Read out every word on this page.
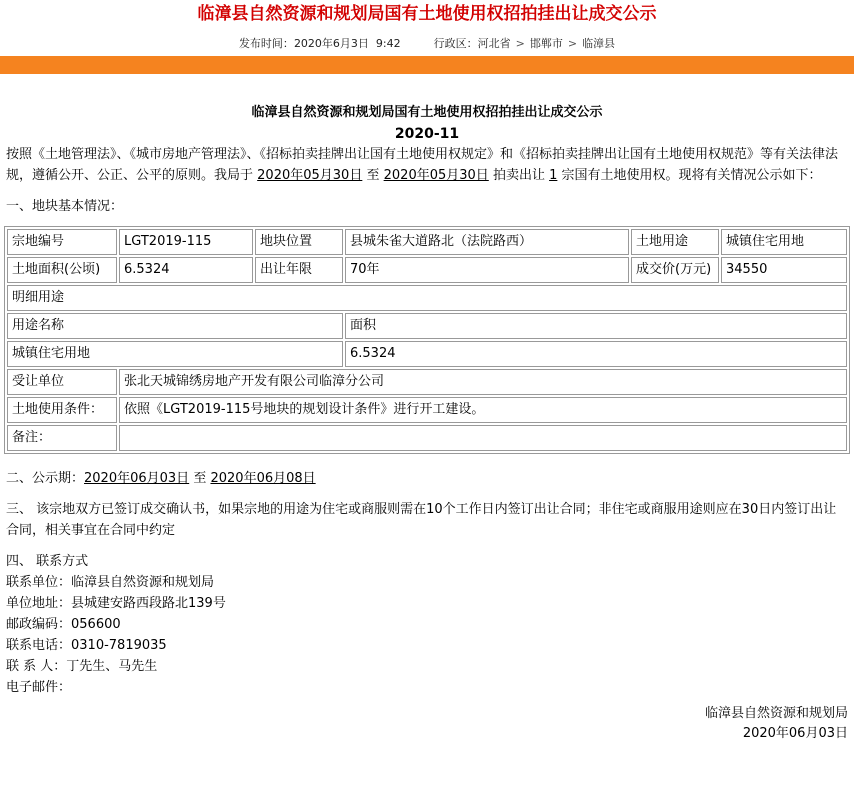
临漳县自然资源和规划局国有土地使用权招拍挂出让成交公示
发布时间：2020年6月3日  9:42	行政区：河北省 > 邯郸市 > 临漳县
临漳县自然资源和规划局国有土地使用权招拍挂出让成交公示
2020-11
按照《土地管理法》、《城市房地产管理法》、《招标拍卖挂牌出让国有土地使用权规定》和《招标拍卖挂牌出让国有土地使用权规范》等有关法律法规，遵循公开、公正、公平的原则。我局于 2020年05月30日 至 2020年05月30日 拍卖出让 1 宗国有土地使用权。现将有关情况公示如下：
一、地块基本情况：
宗地编号	LGT2019-115	地块位置	县城朱雀大道路北（法院路西）	土地用途	城镇住宅用地
土地面积(公顷)	6.5324	出让年限	70年	成交价(万元)	34550
明细用途					
用途名称			面积		
城镇住宅用地			6.5324		
受让单位	张北天城锦绣房地产开发有限公司临漳分公司				
土地使用条件：	依照《LGT2019-115号地块的规划设计条件》进行开工建设。				
备注：					
二、公示期：2020年06月03日 至 2020年06月08日
三、 该宗地双方已签订成交确认书，如果宗地的用途为住宅或商服则需在10个工作日内签订出让合同；非住宅或商服用途则应在30日内签订出让合同，相关事宜在合同中约定
四、 联系方式
联系单位：临漳县自然资源和规划局
单位地址：县城建安路西段路北139号
邮政编码：056600
联系电话：0310-7819035
联 系 人：丁先生、马先生
电子邮件：
临漳县自然资源和规划局
2020年06月03日
